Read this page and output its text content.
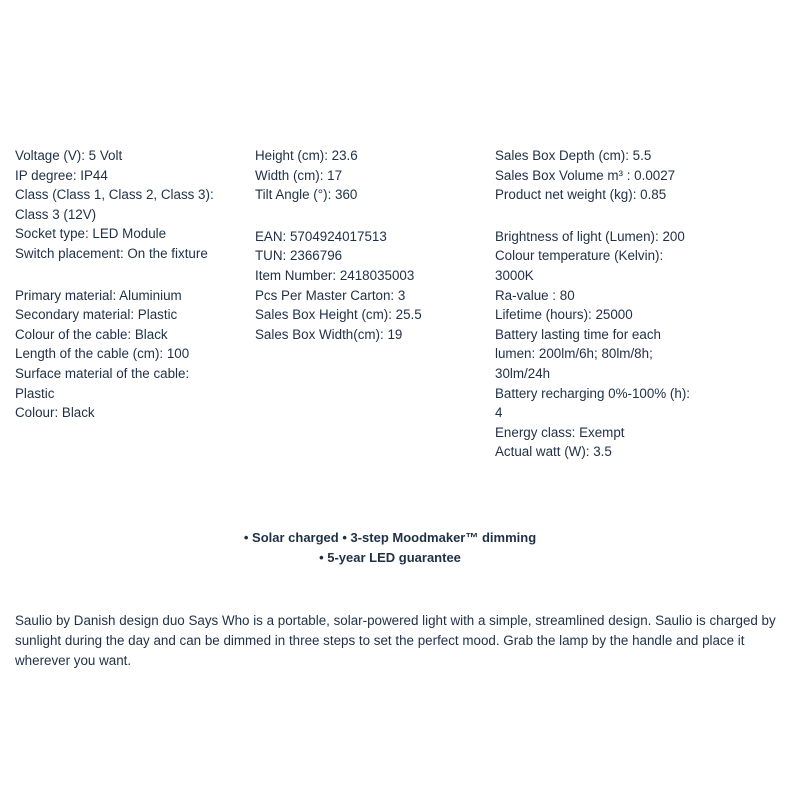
Voltage (V): 5 Volt
IP degree: IP44
Class (Class 1, Class 2, Class 3):
Class 3 (12V)
Socket type: LED Module
Switch placement: On the fixture
Primary material: Aluminium
Secondary material: Plastic
Colour of the cable: Black
Length of the cable (cm): 100
Surface material of the cable:
Plastic
Colour: Black
Height (cm): 23.6
Width (cm): 17
Tilt Angle (°): 360
EAN: 5704924017513
TUN: 2366796
Item Number: 2418035003
Pcs Per Master Carton: 3
Sales Box Height (cm): 25.5
Sales Box Width(cm): 19
Sales Box Depth (cm): 5.5
Sales Box Volume m³ : 0.0027
Product net weight (kg): 0.85
Brightness of light (Lumen): 200
Colour temperature (Kelvin):
3000K
Ra-value : 80
Lifetime (hours): 25000
Battery lasting time for each
lumen: 200lm/6h; 80lm/8h;
30lm/24h
Battery recharging 0%-100% (h):
4
Energy class: Exempt
Actual watt (W): 3.5
• Solar charged • 3-step Moodmaker™ dimming
• 5-year LED guarantee

Saulio by Danish design duo Says Who is a portable, solar-powered light with a simple, streamlined design. Saulio is charged by sunlight during the day and can be dimmed in three steps to set the perfect mood. Grab the lamp by the handle and place it wherever you want.
